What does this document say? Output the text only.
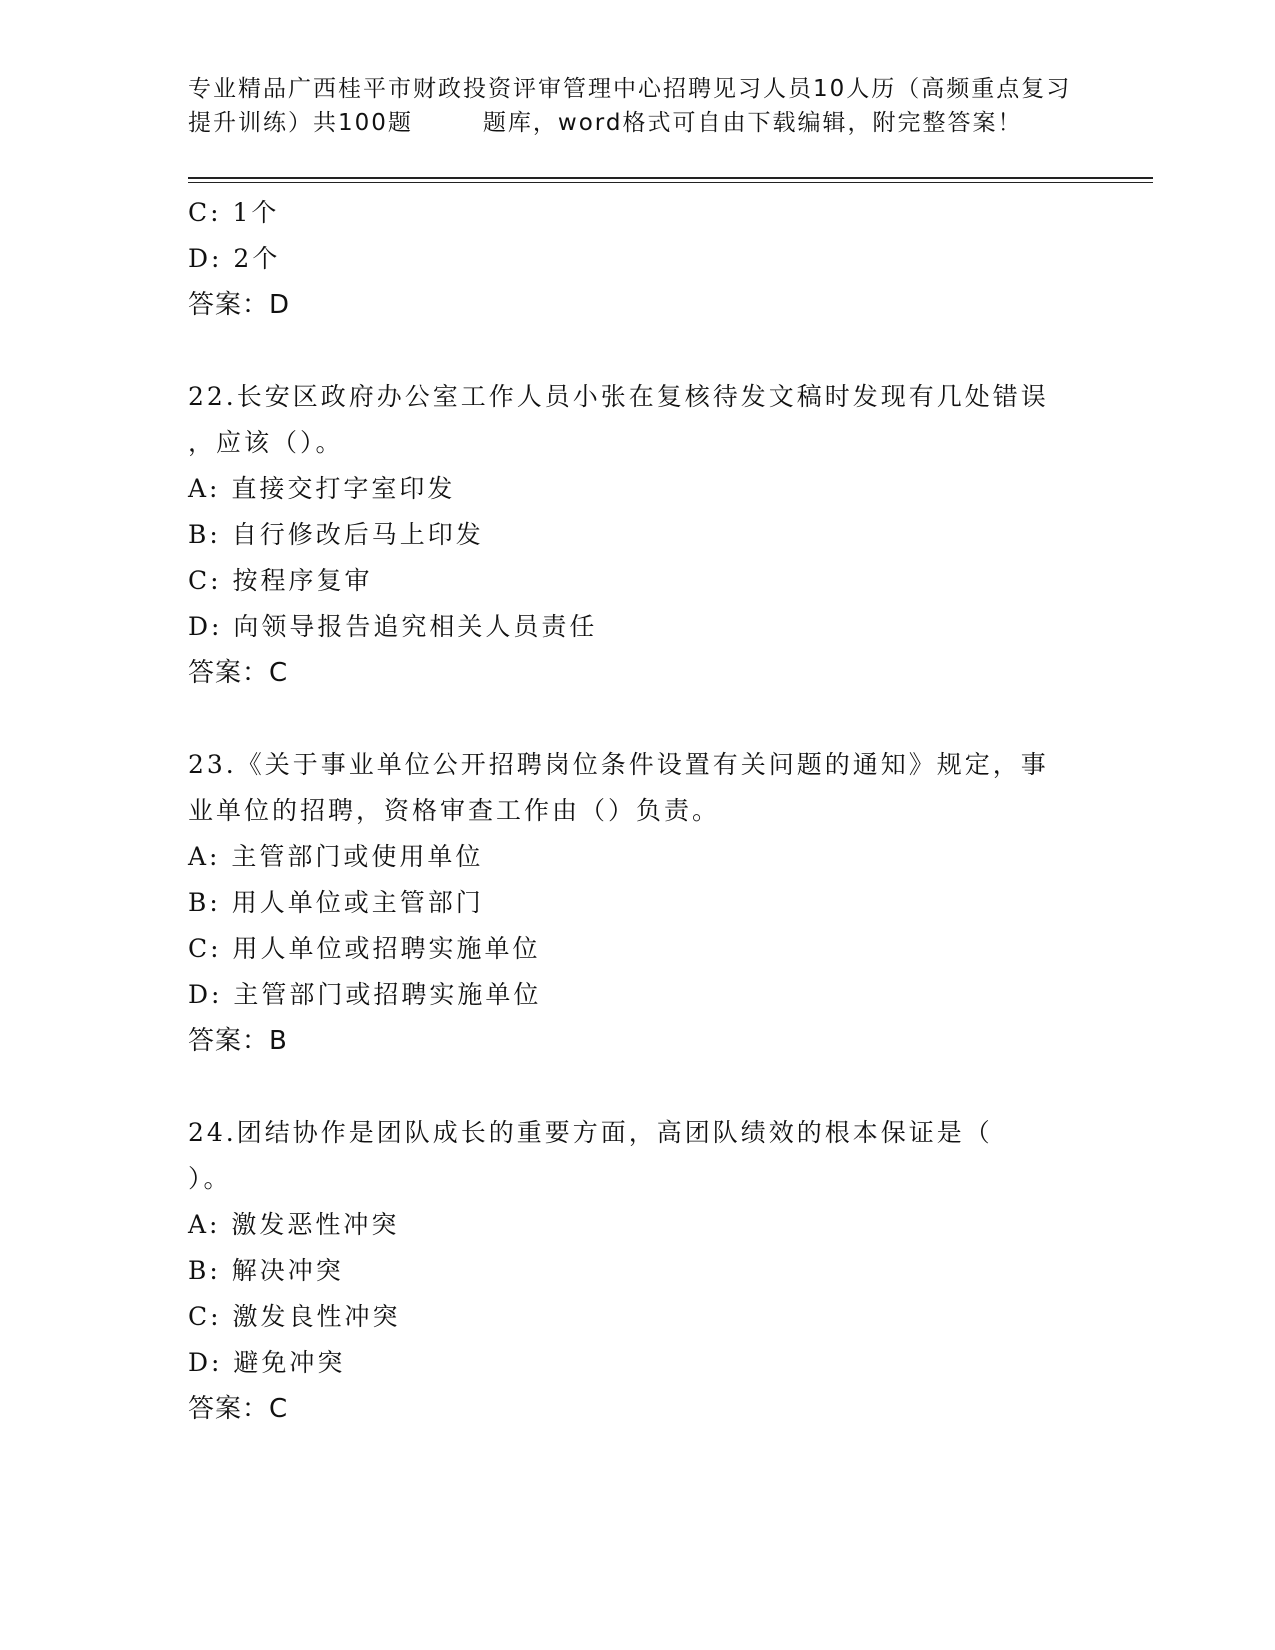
专业精品广西桂平市财政投资评审管理中心招聘见习人员10人历（高频重点复习
提升训练）共100题	题库，word格式可自由下载编辑，附完整答案！
C: 1个
D: 2个
答案：D
22.长安区政府办公室工作人员小张在复核待发文稿时发现有几处错误
，应该（）。
A: 直接交打字室印发
B: 自行修改后马上印发
C: 按程序复审
D: 向领导报告追究相关人员责任
答案：C
23.《关于事业单位公开招聘岗位条件设置有关问题的通知》规定，事
业单位的招聘，资格审查工作由（）负责。
A: 主管部门或使用单位
B: 用人单位或主管部门
C: 用人单位或招聘实施单位
D: 主管部门或招聘实施单位
答案：B
24.团结协作是团队成长的重要方面，高团队绩效的根本保证是（
）。
A: 激发恶性冲突
B: 解决冲突
C: 激发良性冲突
D: 避免冲突
答案：C
